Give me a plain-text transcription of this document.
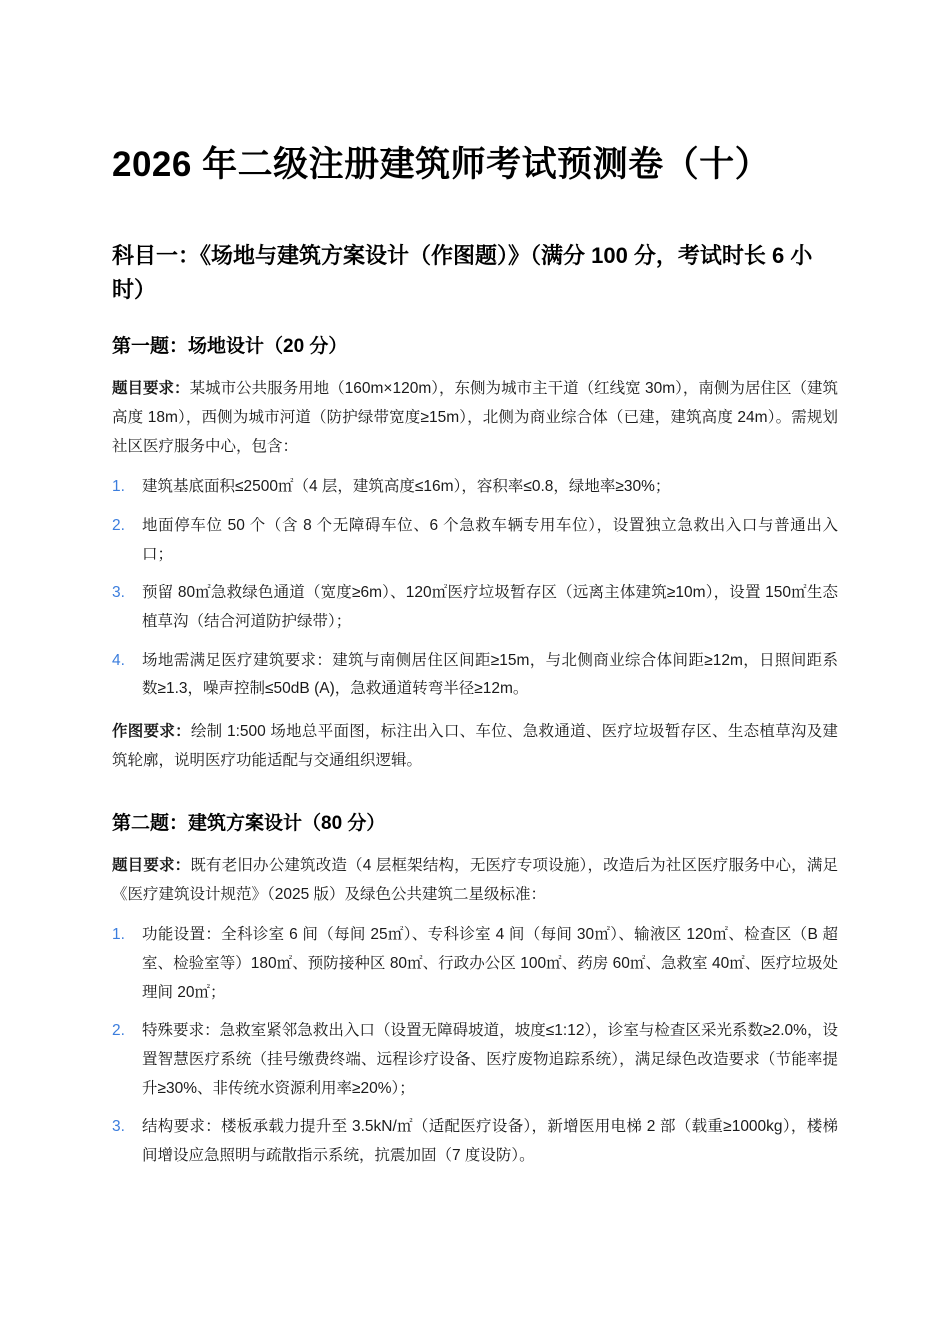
2026 年二级注册建筑师考试预测卷（十）
科目一：《场地与建筑方案设计（作图题）》（满分 100 分，考试时长 6 小时）
第一题：场地设计（20 分）

题目要求：某城市公共服务用地（160m×120m），东侧为城市主干道（红线宽 30m），南侧为居住区（建筑高度 18m），西侧为城市河道（防护绿带宽度≥15m），北侧为商业综合体（已建，建筑高度 24m）。需规划社区医疗服务中心，包含：

建筑基底面积≤2500㎡（4 层，建筑高度≤16m），容积率≤0.8，绿地率≥30%；
地面停车位 50 个（含 8 个无障碍车位、6 个急救车辆专用车位），设置独立急救出入口与普通出入口；
预留 80㎡急救绿色通道（宽度≥6m）、120㎡医疗垃圾暂存区（远离主体建筑≥10m），设置 150㎡生态植草沟（结合河道防护绿带）；
场地需满足医疗建筑要求：建筑与南侧居住区间距≥15m，与北侧商业综合体间距≥12m，日照间距系数≥1.3，噪声控制≤50dB (A)，急救通道转弯半径≥12m。

作图要求：绘制 1:500 场地总平面图，标注出入口、车位、急救通道、医疗垃圾暂存区、生态植草沟及建筑轮廓，说明医疗功能适配与交通组织逻辑。

第二题：建筑方案设计（80 分）

题目要求：既有老旧办公建筑改造（4 层框架结构，无医疗专项设施），改造后为社区医疗服务中心，满足《医疗建筑设计规范》（2025 版）及绿色公共建筑二星级标准：

功能设置：全科诊室 6 间（每间 25㎡）、专科诊室 4 间（每间 30㎡）、输液区 120㎡、检查区（B 超室、检验室等）180㎡、预防接种区 80㎡、行政办公区 100㎡、药房 60㎡、急救室 40㎡、医疗垃圾处理间 20㎡；
特殊要求：急救室紧邻急救出入口（设置无障碍坡道，坡度≤1:12），诊室与检查区采光系数≥2.0%，设置智慧医疗系统（挂号缴费终端、远程诊疗设备、医疗废物追踪系统），满足绿色改造要求（节能率提升≥30%、非传统水资源利用率≥20%）；
结构要求：楼板承载力提升至 3.5kN/㎡（适配医疗设备），新增医用电梯 2 部（载重≥1000kg），楼梯间增设应急照明与疏散指示系统，抗震加固（7 度设防）。
